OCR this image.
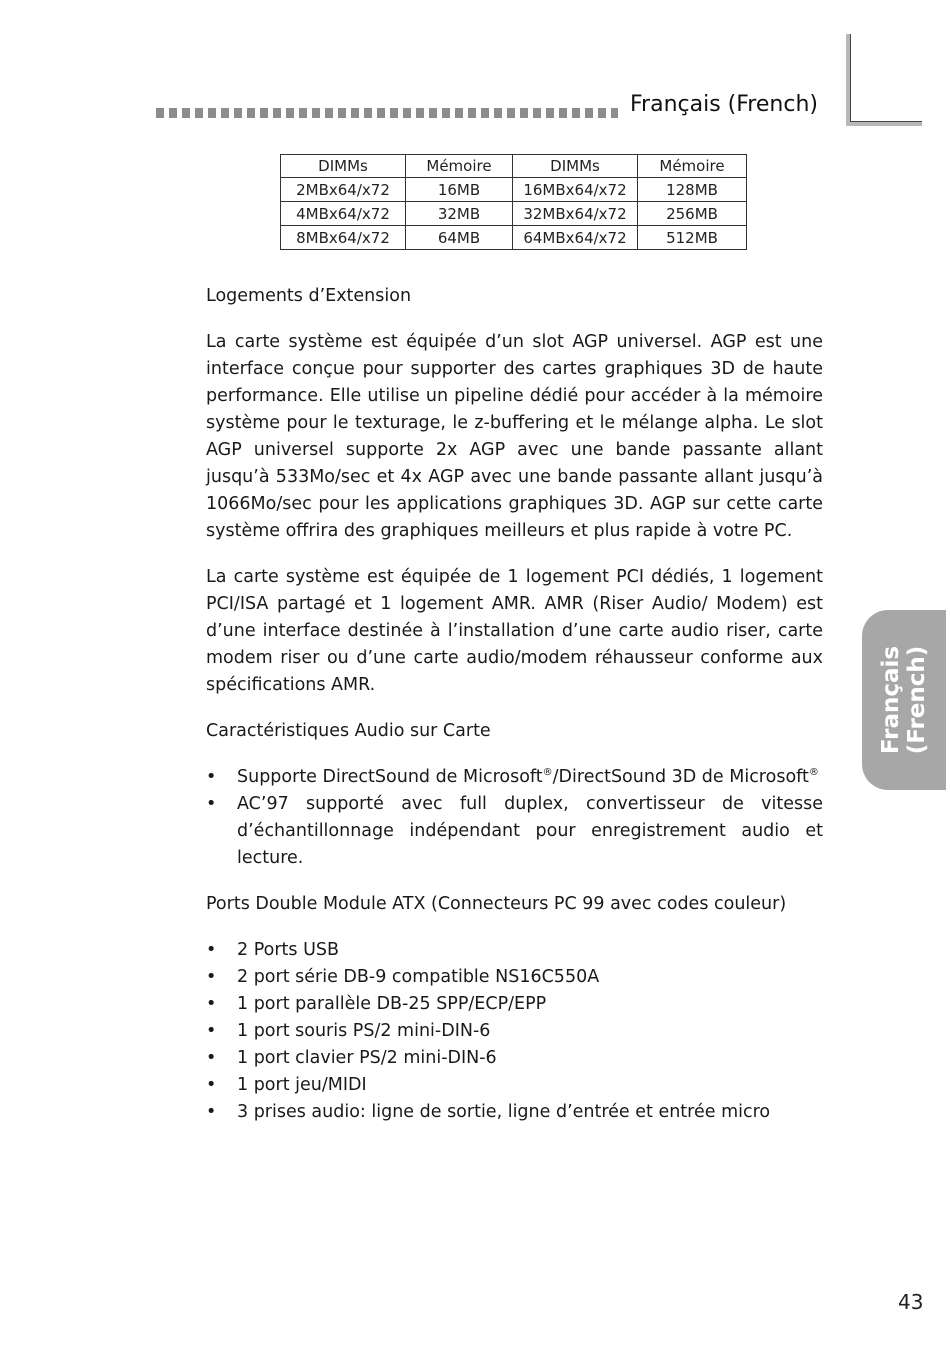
Français (French)
DIMMs	Mémoire	DIMMs	Mémoire
2MBx64/x72	16MB	16MBx64/x72	128MB
4MBx64/x72	32MB	32MBx64/x72	256MB
8MBx64/x72	64MB	64MBx64/x72	512MB
Logements d’Extension

La carte système est équipée d’un slot AGP universel. AGP est une interface conçue pour supporter des cartes graphiques 3D de haute performance. Elle utilise un pipeline dédié pour accéder à la mémoire système pour le texturage, le z-buffering et le mélange alpha. Le slot AGP universel supporte 2x AGP avec une bande passante allant jusqu’à 533Mo/sec et 4x AGP avec une bande passante allant jusqu’à 1066Mo/sec pour les applications graphiques 3D. AGP sur cette carte système offrira des graphiques meilleurs et plus rapide à votre PC.

La carte système est équipée de 1 logement PCI dédiés, 1 logement PCI/ISA partagé et 1 logement AMR. AMR (Riser Audio/ Modem) est d’une interface destinée à l’installation d’une carte audio riser, carte modem riser ou d’une carte audio/modem réhausseur conforme aux spécifications AMR.

Caractéristiques Audio sur Carte
• Supporte DirectSound de Microsoft®/DirectSound 3D de Microsoft®
• AC’97 supporté avec full duplex, convertisseur de vitesse d’échantillonnage indépendant pour enregistrement audio et lecture.
Ports Double Module ATX (Connecteurs PC 99 avec codes couleur)
• 2 Ports USB
• 2 port série DB-9 compatible NS16C550A
• 1 port parallèle DB-25 SPP/ECP/EPP
• 1 port souris PS/2 mini-DIN-6
• 1 port clavier PS/2 mini-DIN-6
• 1 port jeu/MIDI
• 3 prises audio: ligne de sortie, ligne d’entrée et entrée micro
Français (French)
43
